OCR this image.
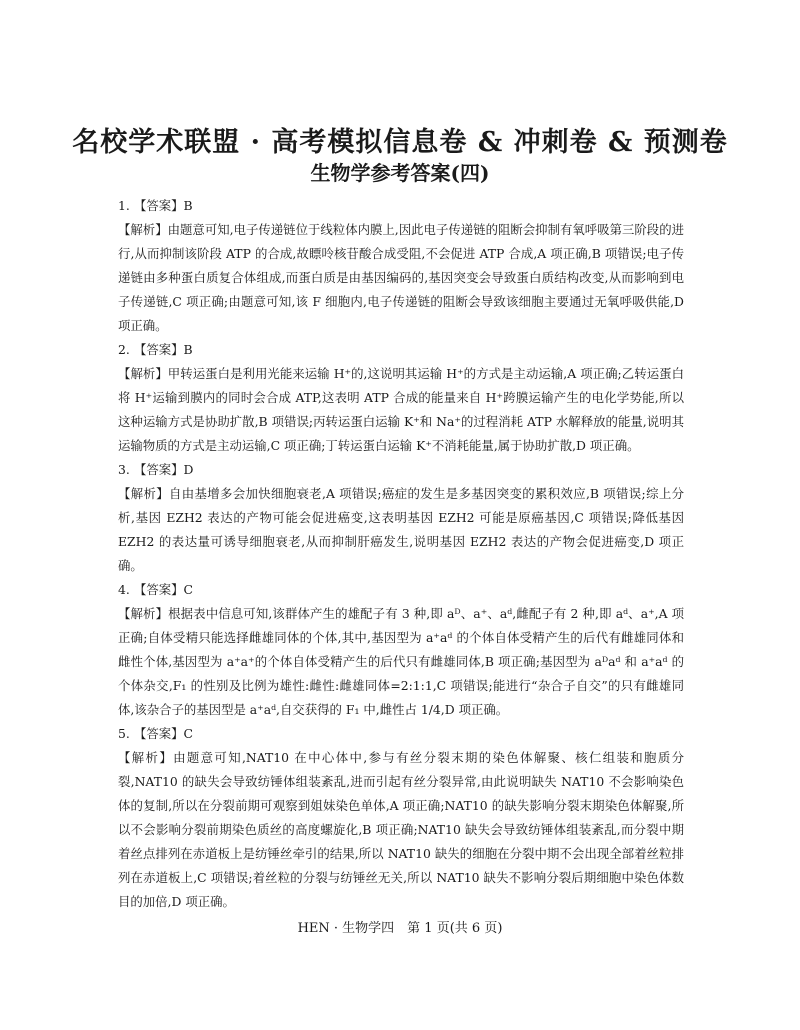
名校学术联盟 · 高考模拟信息卷 & 冲刺卷 & 预测卷
生物学参考答案(四)

1. 【答案】B

【解析】由题意可知,电子传递链位于线粒体内膜上,因此电子传递链的阻断会抑制有氧呼吸第三阶段的进行,从而抑制该阶段 ATP 的合成,故瞟呤核苷酸合成受阻,不会促进 ATP 合成,A 项正确,B 项错误;电子传递链由多种蛋白质复合体组成,而蛋白质是由基因编码的,基因突变会导致蛋白质结构改变,从而影响到电子传递链,C 项正确;由题意可知,该 F 细胞内,电子传递链的阻断会导致该细胞主要通过无氧呼吸供能,D 项正确。

2. 【答案】B

【解析】甲转运蛋白是利用光能来运输 H⁺的,这说明其运输 H⁺的方式是主动运输,A 项正确;乙转运蛋白将 H⁺运输到膜内的同时会合成 ATP,这表明 ATP 合成的能量来自 H⁺跨膜运输产生的电化学势能,所以这种运输方式是协助扩散,B 项错误;丙转运蛋白运输 K⁺和 Na⁺的过程消耗 ATP 水解释放的能量,说明其运输物质的方式是主动运输,C 项正确;丁转运蛋白运输 K⁺不消耗能量,属于协助扩散,D 项正确。

3. 【答案】D

【解析】自由基增多会加快细胞衰老,A 项错误;癌症的发生是多基因突变的累积效应,B 项错误;综上分析,基因 EZH2 表达的产物可能会促进癌变,这表明基因 EZH2 可能是原癌基因,C 项错误;降低基因 EZH2 的表达量可诱导细胞衰老,从而抑制肝癌发生,说明基因 EZH2 表达的产物会促进癌变,D 项正确。

4. 【答案】C

【解析】根据表中信息可知,该群体产生的雄配子有 3 种,即 aᴰ、a⁺、aᵈ,雌配子有 2 种,即 aᵈ、a⁺,A 项正确;自体受精只能选择雌雄同体的个体,其中,基因型为 a⁺aᵈ 的个体自体受精产生的后代有雌雄同体和雌性个体,基因型为 a⁺a⁺的个体自体受精产生的后代只有雌雄同体,B 项正确;基因型为 aᴰaᵈ 和 a⁺aᵈ 的个体杂交,F₁ 的性别及比例为雄性:雌性:雌雄同体=2:1:1,C 项错误;能进行“杂合子自交”的只有雌雄同体,该杂合子的基因型是 a⁺aᵈ,自交获得的 F₁ 中,雌性占 1/4,D 项正确。

5. 【答案】C

【解析】由题意可知,NAT10 在中心体中,参与有丝分裂末期的染色体解聚、核仁组装和胞质分裂,NAT10 的缺失会导致纺锤体组装紊乱,进而引起有丝分裂异常,由此说明缺失 NAT10 不会影响染色体的复制,所以在分裂前期可观察到姐妹染色单体,A 项正确;NAT10 的缺失影响分裂末期染色体解聚,所以不会影响分裂前期染色质丝的高度螺旋化,B 项正确;NAT10 缺失会导致纺锤体组装紊乱,而分裂中期着丝点排列在赤道板上是纺锤丝牵引的结果,所以 NAT10 缺失的细胞在分裂中期不会出现全部着丝粒排列在赤道板上,C 项错误;着丝粒的分裂与纺锤丝无关,所以 NAT10 缺失不影响分裂后期细胞中染色体数目的加倍,D 项正确。

HEN · 生物学四　第 1 页(共 6 页)
